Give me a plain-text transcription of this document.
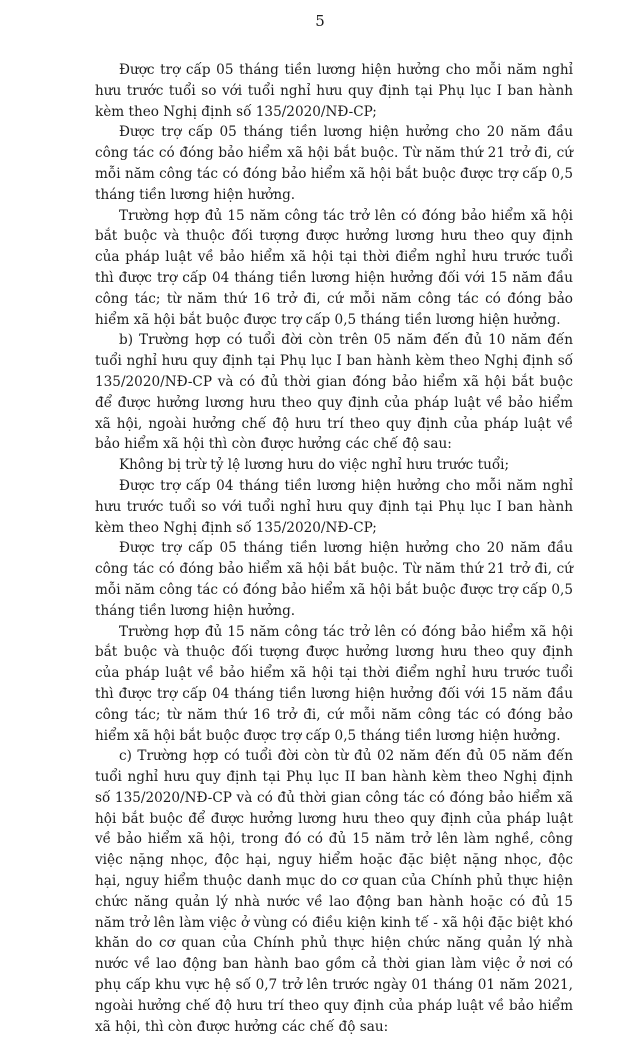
5

Được trợ cấp 05 tháng tiền lương hiện hưởng cho mỗi năm nghỉ hưu trước tuổi so với tuổi nghỉ hưu quy định tại Phụ lục I ban hành kèm theo Nghị định số 135/2020/NĐ-CP;

Được trợ cấp 05 tháng tiền lương hiện hưởng cho 20 năm đầu công tác có đóng bảo hiểm xã hội bắt buộc. Từ năm thứ 21 trở đi, cứ mỗi năm công tác có đóng bảo hiểm xã hội bắt buộc được trợ cấp 0,5 tháng tiền lương hiện hưởng.

Trường hợp đủ 15 năm công tác trở lên có đóng bảo hiểm xã hội bắt buộc và thuộc đối tượng được hưởng lương hưu theo quy định của pháp luật về bảo hiểm xã hội tại thời điểm nghỉ hưu trước tuổi thì được trợ cấp 04 tháng tiền lương hiện hưởng đối với 15 năm đầu công tác; từ năm thứ 16 trở đi, cứ mỗi năm công tác có đóng bảo hiểm xã hội bắt buộc được trợ cấp 0,5 tháng tiền lương hiện hưởng.

b) Trường hợp có tuổi đời còn trên 05 năm đến đủ 10 năm đến tuổi nghỉ hưu quy định tại Phụ lục I ban hành kèm theo Nghị định số 135/2020/NĐ-CP và có đủ thời gian đóng bảo hiểm xã hội bắt buộc để được hưởng lương hưu theo quy định của pháp luật về bảo hiểm xã hội, ngoài hưởng chế độ hưu trí theo quy định của pháp luật về bảo hiểm xã hội thì còn được hưởng các chế độ sau:

Không bị trừ tỷ lệ lương hưu do việc nghỉ hưu trước tuổi;

Được trợ cấp 04 tháng tiền lương hiện hưởng cho mỗi năm nghỉ hưu trước tuổi so với tuổi nghỉ hưu quy định tại Phụ lục I ban hành kèm theo Nghị định số 135/2020/NĐ-CP;

Được trợ cấp 05 tháng tiền lương hiện hưởng cho 20 năm đầu công tác có đóng bảo hiểm xã hội bắt buộc. Từ năm thứ 21 trở đi, cứ mỗi năm công tác có đóng bảo hiểm xã hội bắt buộc được trợ cấp 0,5 tháng tiền lương hiện hưởng.

Trường hợp đủ 15 năm công tác trở lên có đóng bảo hiểm xã hội bắt buộc và thuộc đối tượng được hưởng lương hưu theo quy định của pháp luật về bảo hiểm xã hội tại thời điểm nghỉ hưu trước tuổi thì được trợ cấp 04 tháng tiền lương hiện hưởng đối với 15 năm đầu công tác; từ năm thứ 16 trở đi, cứ mỗi năm công tác có đóng bảo hiểm xã hội bắt buộc được trợ cấp 0,5 tháng tiền lương hiện hưởng.

c) Trường hợp có tuổi đời còn từ đủ 02 năm đến đủ 05 năm đến tuổi nghỉ hưu quy định tại Phụ lục II ban hành kèm theo Nghị định số 135/2020/NĐ-CP và có đủ thời gian công tác có đóng bảo hiểm xã hội bắt buộc để được hưởng lương hưu theo quy định của pháp luật về bảo hiểm xã hội, trong đó có đủ 15 năm trở lên làm nghề, công việc nặng nhọc, độc hại, nguy hiểm hoặc đặc biệt nặng nhọc, độc hại, nguy hiểm thuộc danh mục do cơ quan của Chính phủ thực hiện chức năng quản lý nhà nước về lao động ban hành hoặc có đủ 15 năm trở lên làm việc ở vùng có điều kiện kinh tế - xã hội đặc biệt khó khăn do cơ quan của Chính phủ thực hiện chức năng quản lý nhà nước về lao động ban hành bao gồm cả thời gian làm việc ở nơi có phụ cấp khu vực hệ số 0,7 trở lên trước ngày 01 tháng 01 năm 2021, ngoài hưởng chế độ hưu trí theo quy định của pháp luật về bảo hiểm xã hội, thì còn được hưởng các chế độ sau:
